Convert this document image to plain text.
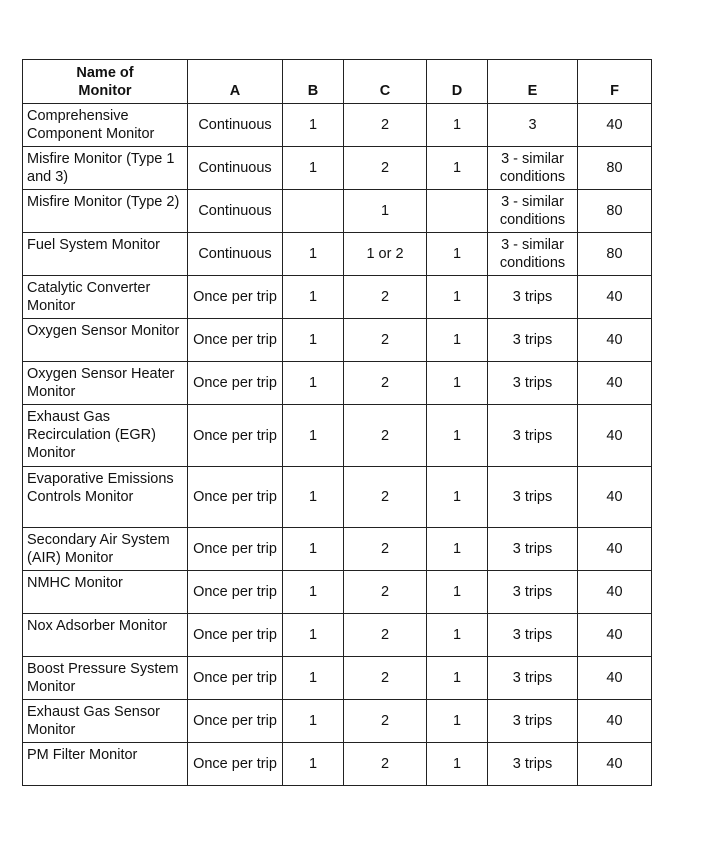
Name of Monitor	A	B	C	D	E	F
Comprehensive Component Monitor	Continuous	1	2	1	3	40
Misfire Monitor (Type 1 and 3)	Continuous	1	2	1	3 - similar conditions	80
Misfire Monitor (Type 2)	Continuous		1		3 - similar conditions	80
Fuel System Monitor	Continuous	1	1 or 2	1	3 - similar conditions	80
Catalytic Converter Monitor	Once per trip	1	2	1	3 trips	40
Oxygen Sensor Monitor	Once per trip	1	2	1	3 trips	40
Oxygen Sensor Heater Monitor	Once per trip	1	2	1	3 trips	40
Exhaust Gas Recirculation (EGR) Monitor	Once per trip	1	2	1	3 trips	40
Evaporative Emissions Controls Monitor	Once per trip	1	2	1	3 trips	40
Secondary Air System (AIR) Monitor	Once per trip	1	2	1	3 trips	40
NMHC Monitor	Once per trip	1	2	1	3 trips	40
Nox Adsorber Monitor	Once per trip	1	2	1	3 trips	40
Boost Pressure System Monitor	Once per trip	1	2	1	3 trips	40
Exhaust Gas Sensor Monitor	Once per trip	1	2	1	3 trips	40
PM Filter Monitor	Once per trip	1	2	1	3 trips	40
